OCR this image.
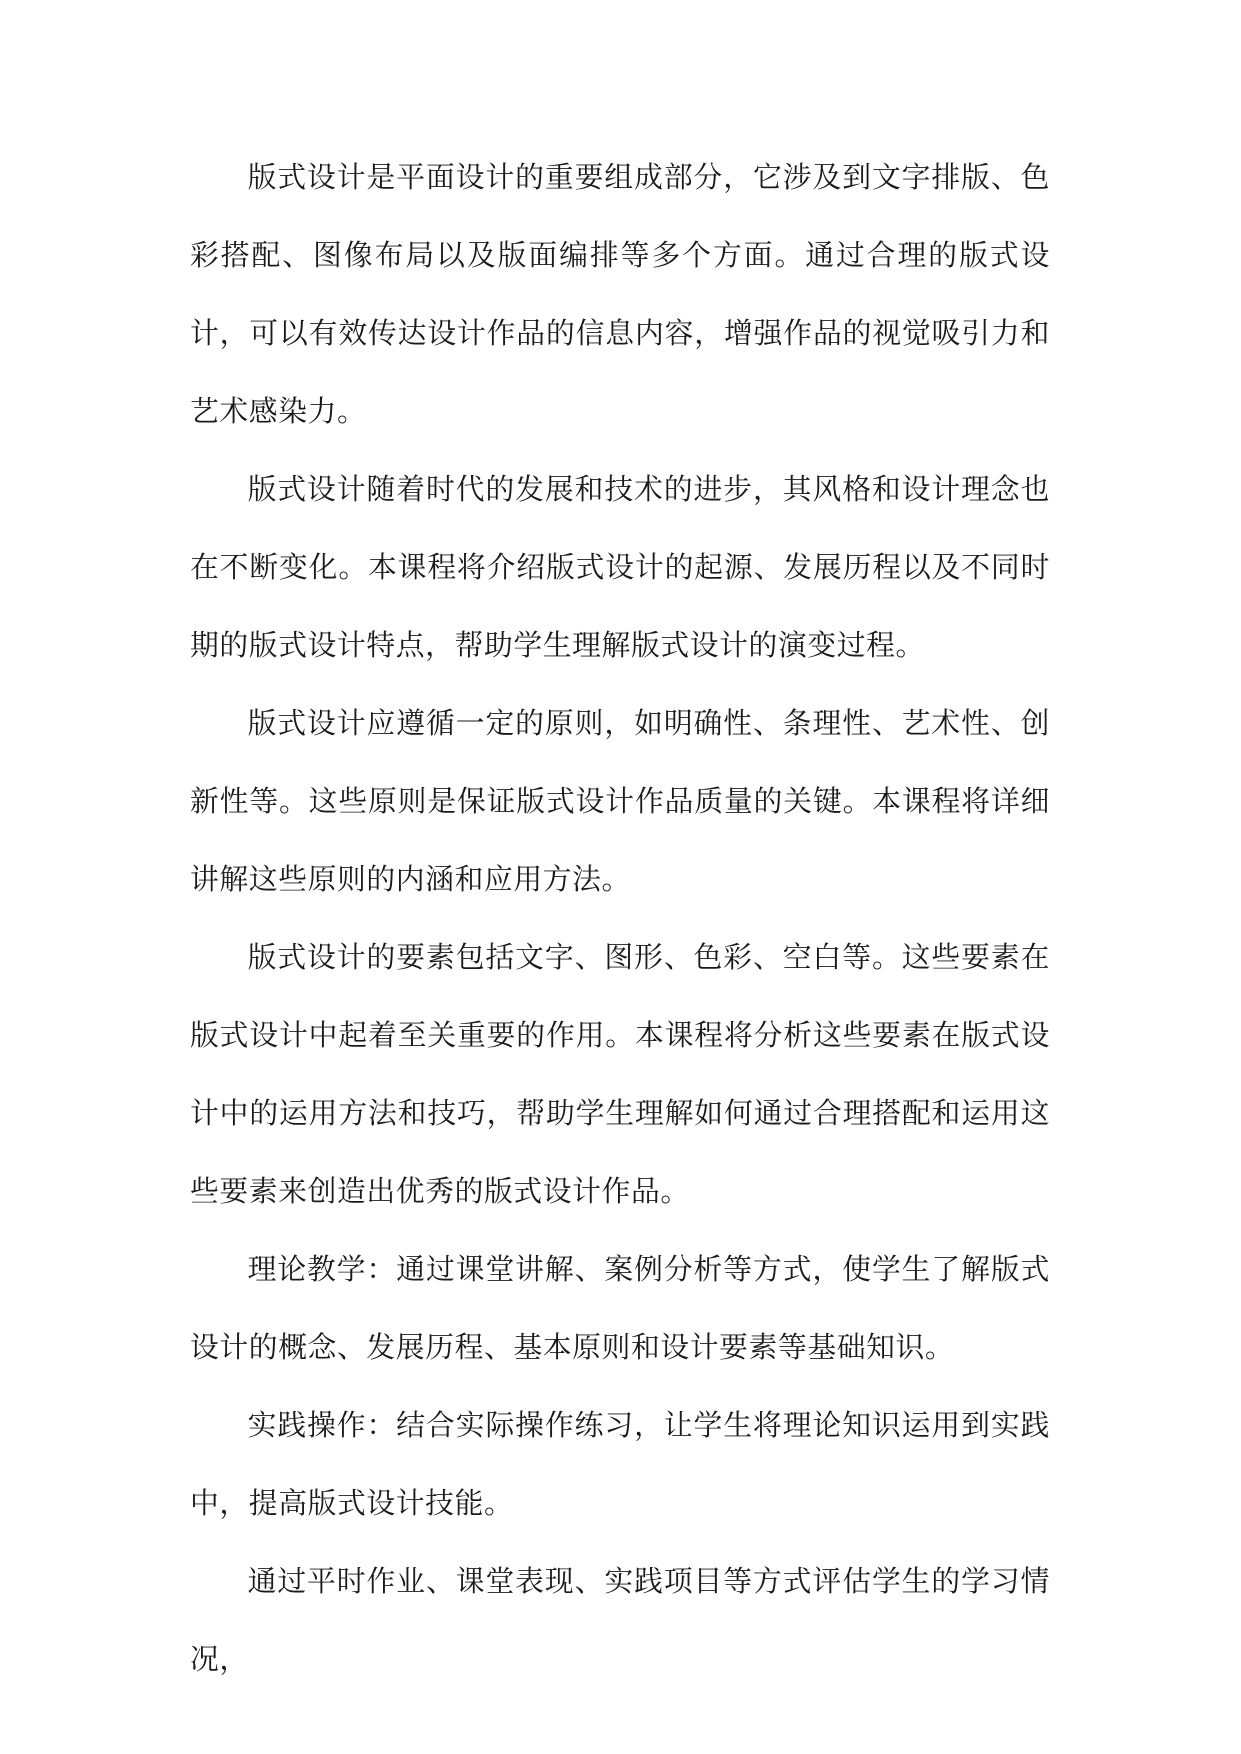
版式设计是平面设计的重要组成部分，它涉及到文字排版、色彩搭配、图像布局以及版面编排等多个方面。通过合理的版式设计，可以有效传达设计作品的信息内容，增强作品的视觉吸引力和艺术感染力。

版式设计随着时代的发展和技术的进步，其风格和设计理念也在不断变化。本课程将介绍版式设计的起源、发展历程以及不同时期的版式设计特点，帮助学生理解版式设计的演变过程。

版式设计应遵循一定的原则，如明确性、条理性、艺术性、创新性等。这些原则是保证版式设计作品质量的关键。本课程将详细讲解这些原则的内涵和应用方法。

版式设计的要素包括文字、图形、色彩、空白等。这些要素在版式设计中起着至关重要的作用。本课程将分析这些要素在版式设计中的运用方法和技巧，帮助学生理解如何通过合理搭配和运用这些要素来创造出优秀的版式设计作品。

理论教学：通过课堂讲解、案例分析等方式，使学生了解版式设计的概念、发展历程、基本原则和设计要素等基础知识。

实践操作：结合实际操作练习，让学生将理论知识运用到实践中，提高版式设计技能。

通过平时作业、课堂表现、实践项目等方式评估学生的学习情况，
